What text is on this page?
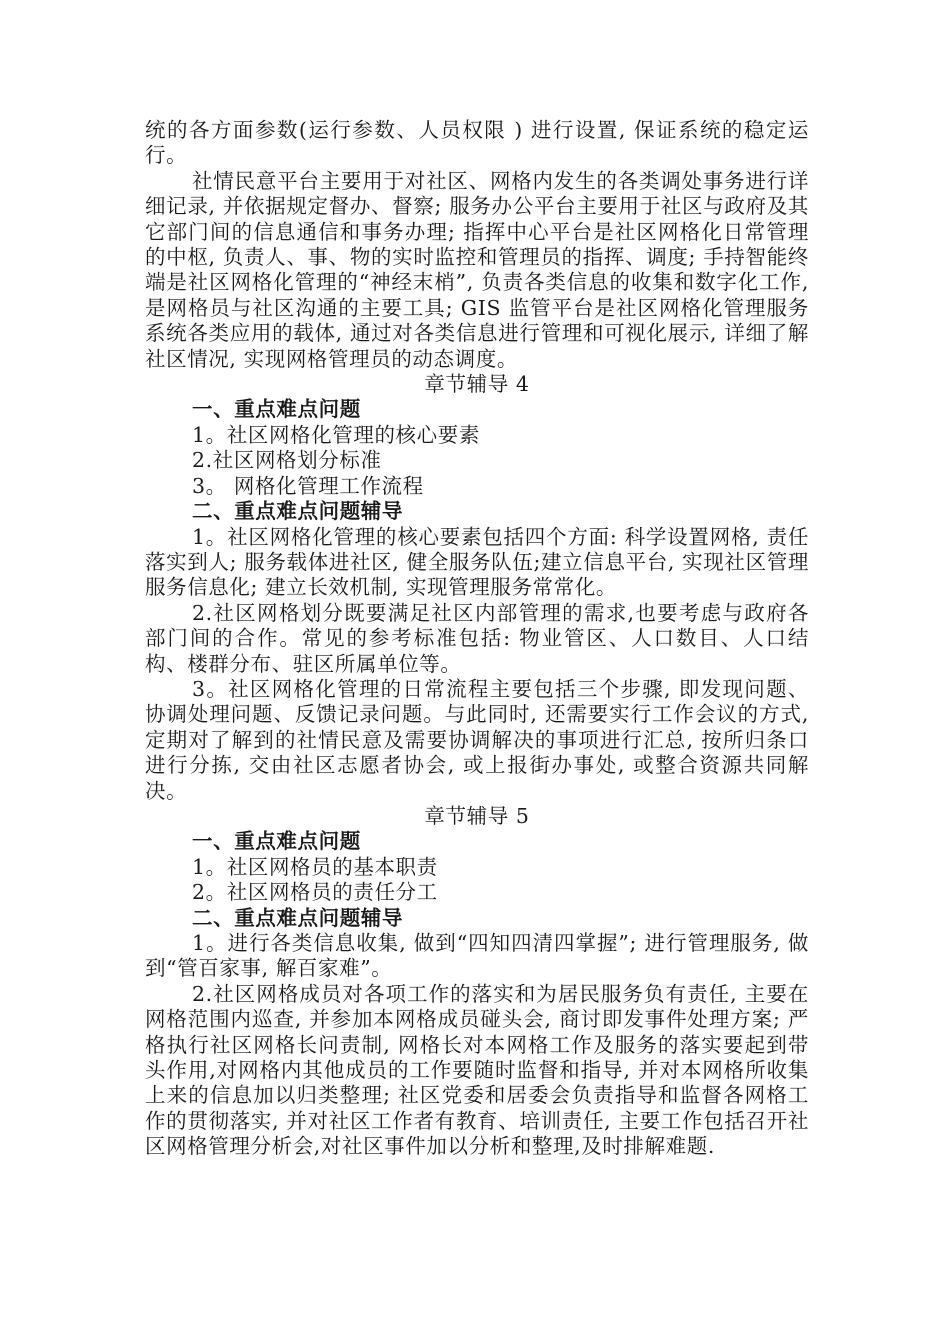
统的各方面参数(运行参数、人员权限 ) 进行设置, 保证系统的稳定运行。

社情民意平台主要用于对社区、网格内发生的各类调处事务进行详细记录, 并依据规定督办、督察; 服务办公平台主要用于社区与政府及其它部门间的信息通信和事务办理; 指挥中心平台是社区网格化日常管理的中枢, 负责人、事、物的实时监控和管理员的指挥、调度; 手持智能终端是社区网格化管理的“神经末梢”, 负责各类信息的收集和数字化工作, 是网格员与社区沟通的主要工具; GIS 监管平台是社区网格化管理服务系统各类应用的载体, 通过对各类信息进行管理和可视化展示, 详细了解社区情况, 实现网格管理员的动态调度。

章节辅导 4

一、重点难点问题

1。社区网格化管理的核心要素

2.社区网格划分标准

3。 网格化管理工作流程

二、重点难点问题辅导

1。社区网格化管理的核心要素包括四个方面: 科学设置网格, 责任落实到人; 服务载体进社区, 健全服务队伍;建立信息平台, 实现社区管理服务信息化; 建立长效机制, 实现管理服务常常化。

2.社区网格划分既要满足社区内部管理的需求,也要考虑与政府各部门间的合作。常见的参考标准包括: 物业管区、人口数目、人口结构、楼群分布、驻区所属单位等。

3。社区网格化管理的日常流程主要包括三个步骤, 即发现问题、协调处理问题、反馈记录问题。与此同时, 还需要实行工作会议的方式, 定期对了解到的社情民意及需要协调解决的事项进行汇总, 按所归条口进行分拣, 交由社区志愿者协会, 或上报街办事处, 或整合资源共同解决。

章节辅导 5

一、重点难点问题

1。社区网格员的基本职责

2。社区网格员的责任分工

二、重点难点问题辅导

1。进行各类信息收集, 做到“四知四清四掌握”; 进行管理服务, 做到“管百家事, 解百家难”。

2.社区网格成员对各项工作的落实和为居民服务负有责任, 主要在网格范围内巡查, 并参加本网格成员碰头会, 商讨即发事件处理方案; 严格执行社区网格长问责制, 网格长对本网格工作及服务的落实要起到带头作用,对网格内其他成员的工作要随时监督和指导, 并对本网格所收集上来的信息加以归类整理; 社区党委和居委会负责指导和监督各网格工作的贯彻落实, 并对社区工作者有教育、培训责任, 主要工作包括召开社区网格管理分析会,对社区事件加以分析和整理,及时排解难题.
